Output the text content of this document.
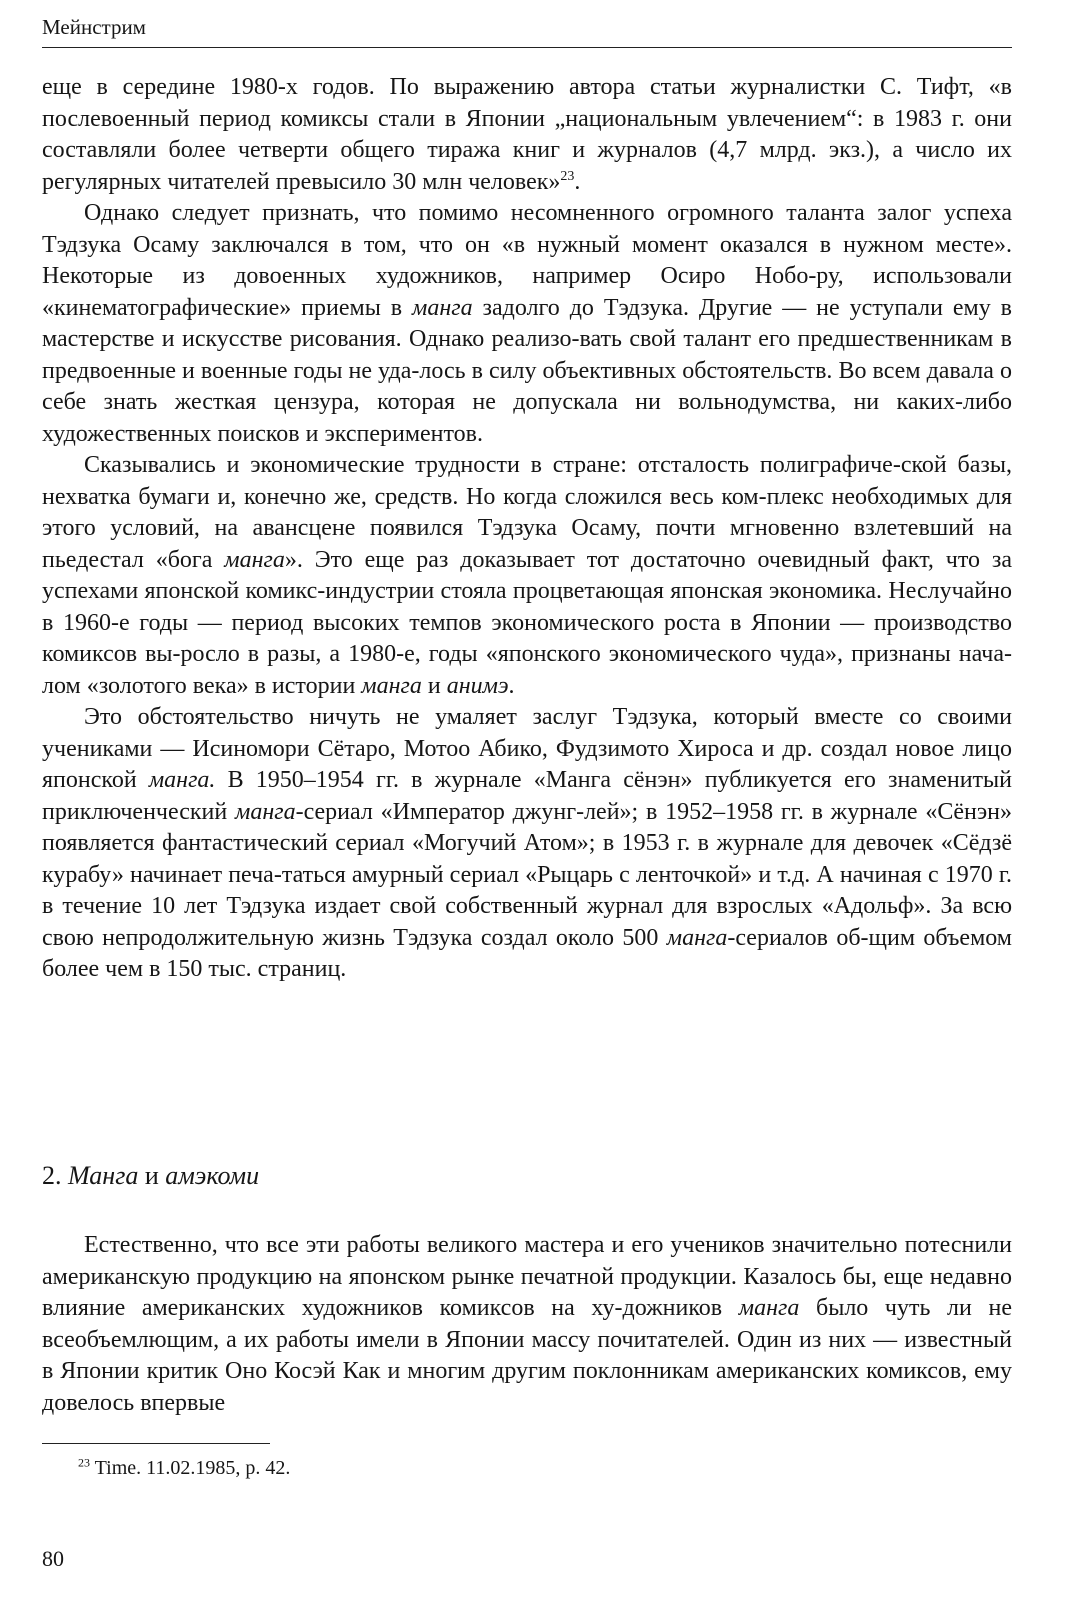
Мейнстрим

еще в середине 1980-х годов. По выражению автора статьи журналистки С. Тифт, «в послевоенный период комиксы стали в Японии „национальным увлечением“: в 1983 г. они составляли более четверти общего тиража книг и журналов (4,7 млрд. экз.), а число их регулярных читателей превысило 30 млн человек»$^{23}$.

Однако следует признать, что помимо несомненного огромного таланта залог успеха Тэдзука Осаму заключался в том, что он «в нужный момент оказался в нужном месте». Некоторые из довоенных художников, например Осиро Нобо-ру, использовали «кинематографические» приемы в манга задолго до Тэдзука. Другие — не уступали ему в мастерстве и искусстве рисования. Однако реализо-вать свой талант его предшественникам в предвоенные и военные годы не уда-лось в силу объективных обстоятельств. Во всем давала о себе знать жесткая цензура, которая не допускала ни вольнодумства, ни каких-либо художественных поисков и экспериментов.

Сказывались и экономические трудности в стране: отсталость полиграфиче-ской базы, нехватка бумаги и, конечно же, средств. Но когда сложился весь ком-плекс необходимых для этого условий, на авансцене появился Тэдзука Осаму, почти мгновенно взлетевший на пьедестал «бога манга». Это еще раз доказывает тот достаточно очевидный факт, что за успехами японской комикс-индустрии стояла процветающая японская экономика. Неслучайно в 1960-е годы — период высоких темпов экономического роста в Японии — производство комиксов вы-росло в разы, а 1980-е, годы «японского экономического чуда», признаны нача-лом «золотого века» в истории манга и анимэ.

Это обстоятельство ничуть не умаляет заслуг Тэдзука, который вместе со своими учениками — Исиномори Сётаро, Мотоо Абико, Фудзимото Хироса и др. создал новое лицо японской манга. В 1950–1954 гг. в журнале «Манга сёнэн» публикуется его знаменитый приключенческий манга-сериал «Император джунг-лей»; в 1952–1958 гг. в журнале «Сёнэн» появляется фантастический сериал «Могучий Атом»; в 1953 г. в журнале для девочек «Сёдзё курабу» начинает печа-таться амурный сериал «Рыцарь с ленточкой» и т.д. А начиная с 1970 г. в течение 10 лет Тэдзука издает свой собственный журнал для взрослых «Адольф». За всю свою непродолжительную жизнь Тэдзука создал около 500 манга-сериалов об-щим объемом более чем в 150 тыс. страниц.

2. Манга и амэкоми

Естественно, что все эти работы великого мастера и его учеников значительно потеснили американскую продукцию на японском рынке печатной продукции. Казалось бы, еще недавно влияние американских художников комиксов на ху-дожников манга было чуть ли не всеобъемлющим, а их работы имели в Японии массу почитателей. Один из них — известный в Японии критик Оно Косэй Как и многим другим поклонникам американских комиксов, ему довелось впервые

$^{23}$ Time. 11.02.1985, p. 42.
80
